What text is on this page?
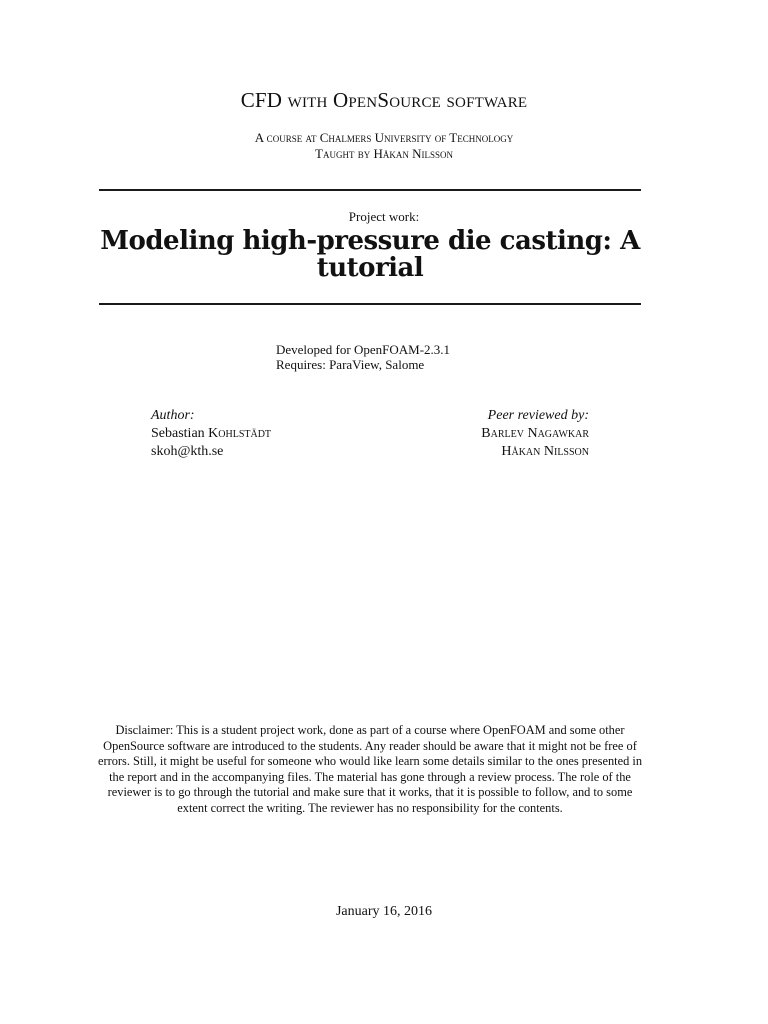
CFD with OpenSource software
A course at Chalmers University of Technology
Taught by Håkan Nilsson
Project work:
Modeling high-pressure die casting: A tutorial
Developed for OpenFOAM-2.3.1
Requires: ParaView, Salome
Author:
Sebastian Kohlstädt
skoh@kth.se
Peer reviewed by:
Barlev Nagawkar
Håkan Nilsson
Disclaimer: This is a student project work, done as part of a course where OpenFOAM and some other OpenSource software are introduced to the students. Any reader should be aware that it might not be free of errors. Still, it might be useful for someone who would like learn some details similar to the ones presented in the report and in the accompanying files. The material has gone through a review process. The role of the reviewer is to go through the tutorial and make sure that it works, that it is possible to follow, and to some extent correct the writing. The reviewer has no responsibility for the contents.
January 16, 2016
